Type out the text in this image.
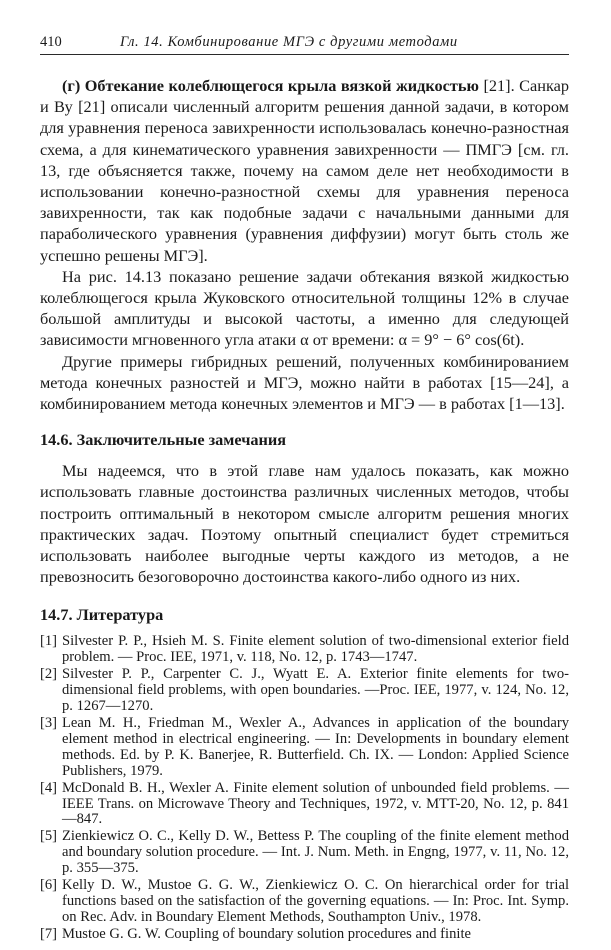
410	Гл. 14. Комбинирование МГЭ с другими методами

(г) Обтекание колеблющегося крыла вязкой жидкостью [21]. Санкар и Ву [21] описали численный алгоритм решения данной задачи, в котором для уравнения переноса завихренности использовалась конечно-разностная схема, а для кинематического уравнения завихренности — ПМГЭ [см. гл. 13, где объясняется также, почему на самом деле нет необходимости в использовании конечно-разностной схемы для уравнения переноса завихренности, так как подобные задачи с начальными данными для параболического уравнения (уравнения диффузии) могут быть столь же успешно решены МГЭ].

На рис. 14.13 показано решение задачи обтекания вязкой жидкостью колеблющегося крыла Жуковского относительной толщины 12% в случае большой амплитуды и высокой частоты, а именно для следующей зависимости мгновенного угла атаки α от времени: α = 9° − 6° cos(6t).

Другие примеры гибридных решений, полученных комбинированием метода конечных разностей и МГЭ, можно найти в работах [15—24], а комбинированием метода конечных элементов и МГЭ — в работах [1—13].

14.6. Заключительные замечания

Мы надеемся, что в этой главе нам удалось показать, как можно использовать главные достоинства различных численных методов, чтобы построить оптимальный в некотором смысле алгоритм решения многих практических задач. Поэтому опытный специалист будет стремиться использовать наиболее выгодные черты каждого из методов, а не превозносить безоговорочно достоинства какого-либо одного из них.

14.7. Литература
[1] Silvester P. P., Hsieh M. S. Finite element solution of two-dimensional exterior field problem. — Proc. IEE, 1971, v. 118, No. 12, p. 1743—1747.
[2] Silvester P. P., Carpenter C. J., Wyatt E. A. Exterior finite elements for two-dimensional field problems, with open boundaries. —Proc. IEE, 1977, v. 124, No. 12, p. 1267—1270.
[3] Lean M. H., Friedman M., Wexler A., Advances in application of the boundary element method in electrical engineering. — In: Developments in boundary element methods. Ed. by P. K. Banerjee, R. Butterfield. Ch. IX. — London: Applied Science Publishers, 1979.
[4] McDonald B. H., Wexler A. Finite element solution of unbounded field problems. — IEEE Trans. on Microwave Theory and Techniques, 1972, v. MTT-20, No. 12, p. 841—847.
[5] Zienkiewicz O. C., Kelly D. W., Bettess P. The coupling of the finite element method and boundary solution procedure. — Int. J. Num. Meth. in Engng, 1977, v. 11, No. 12, p. 355—375.
[6] Kelly D. W., Mustoe G. G. W., Zienkiewicz O. C. On hierarchical order for trial functions based on the satisfaction of the governing equations. — In: Proc. Int. Symp. on Rec. Adv. in Boundary Element Methods, Southampton Univ., 1978.
[7] Mustoe G. G. W. Coupling of boundary solution procedures and finite
